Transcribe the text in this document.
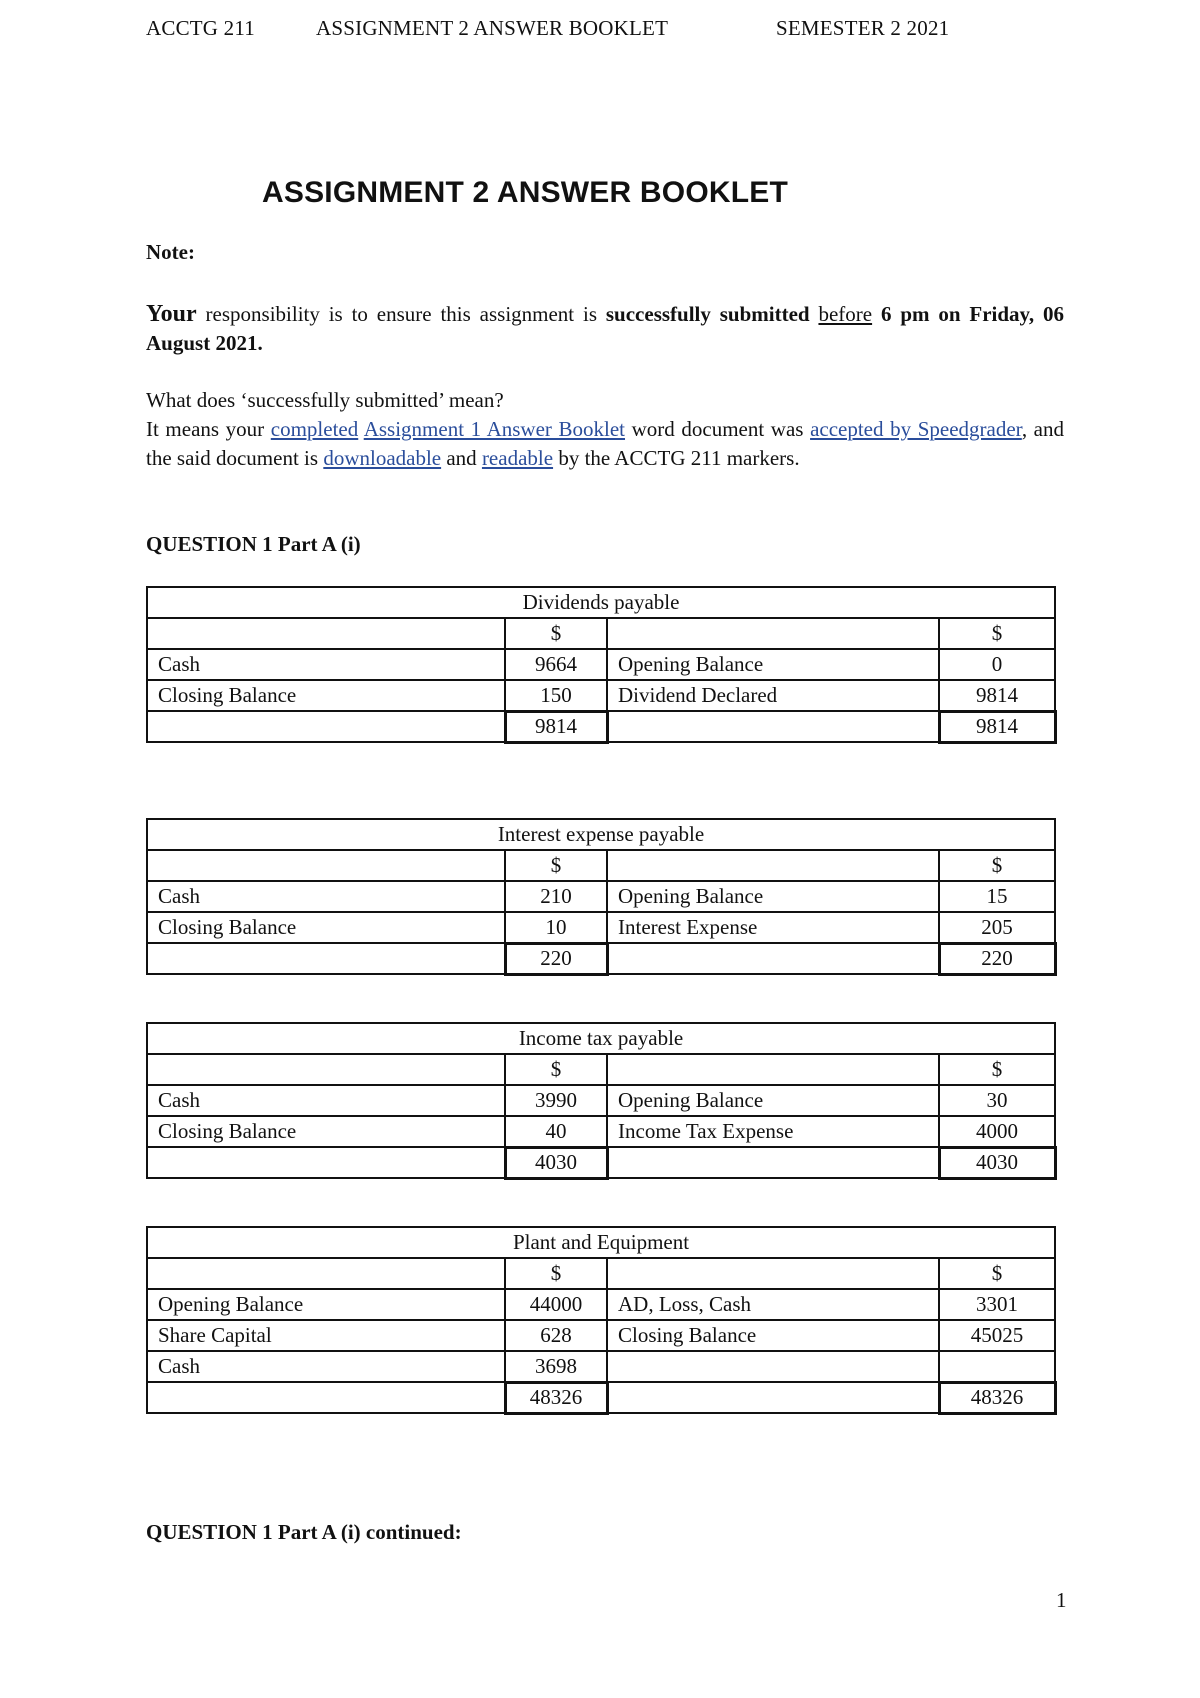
ACCTG 211	ASSIGNMENT 2 ANSWER BOOKLET	SEMESTER 2 2021
ASSIGNMENT 2 ANSWER BOOKLET
Note:
Your responsibility is to ensure this assignment is successfully submitted before 6 pm on Friday, 06 August 2021.
What does ‘successfully submitted’ mean?
It means your completed Assignment 1 Answer Booklet word document was accepted by Speedgrader, and the said document is downloadable and readable by the ACCTG 211 markers.
QUESTION 1 Part A (i)
Dividends payable			
	$		$
Cash	9664	Opening Balance	0
Closing Balance	150	Dividend Declared	9814
	9814		9814
Interest expense payable			
	$		$
Cash	210	Opening Balance	15
Closing Balance	10	Interest Expense	205
	220		220
Income tax payable			
	$		$
Cash	3990	Opening Balance	30
Closing Balance	40	Income Tax Expense	4000
	4030		4030
Plant and Equipment			
	$		$
Opening Balance	44000	AD, Loss, Cash	3301
Share Capital	628	Closing Balance	45025
Cash	3698		
	48326		48326
QUESTION 1 Part A (i) continued:
1
